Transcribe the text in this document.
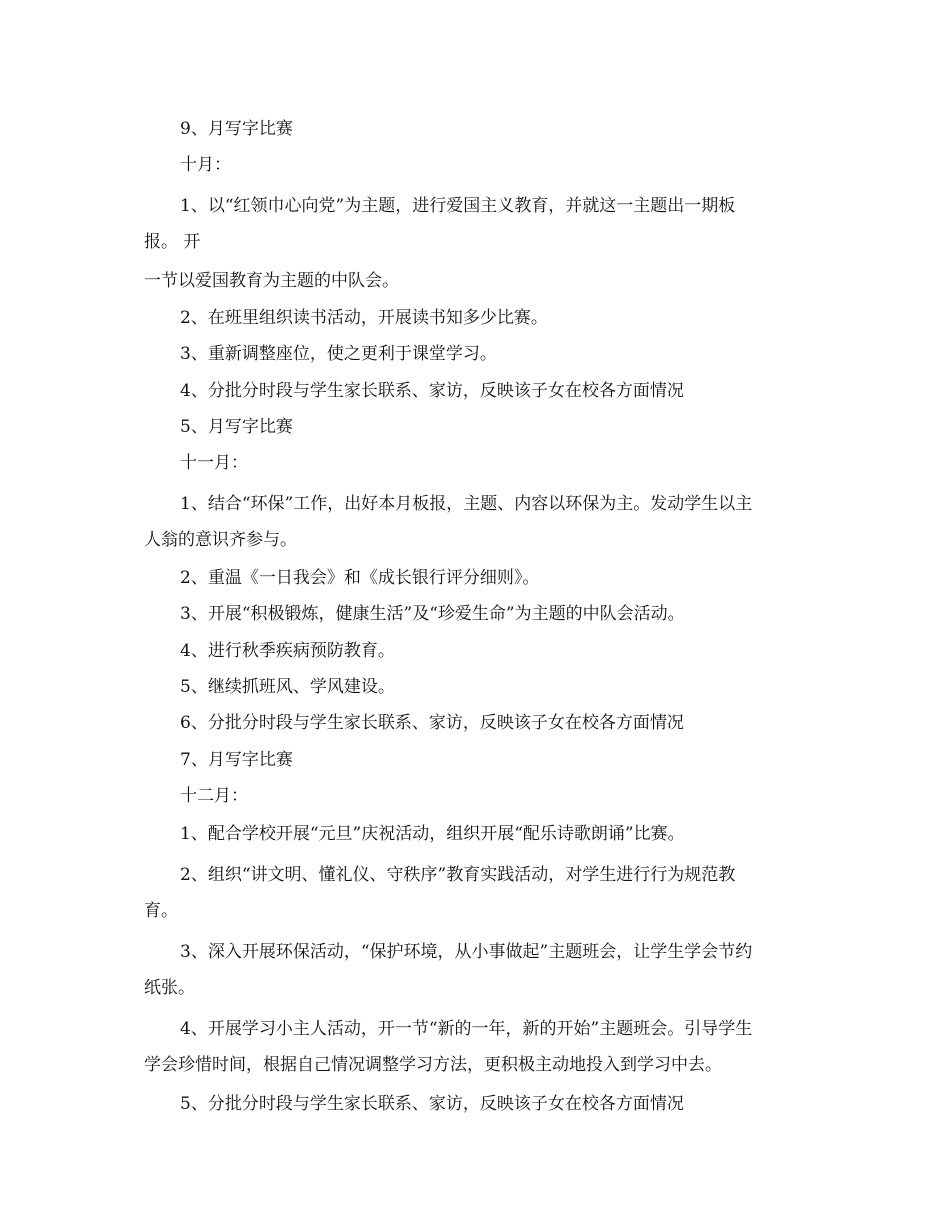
9、月写字比赛
十月：
1、以“红领巾心向党”为主题，进行爱国主义教育，并就这一主题出一期板
报。 开
一节以爱国教育为主题的中队会。
2、在班里组织读书活动，开展读书知多少比赛。
3、重新调整座位，使之更利于课堂学习。
4、分批分时段与学生家长联系、家访，反映该子女在校各方面情况
5、月写字比赛
十一月：
1、结合“环保”工作，出好本月板报，主题、内容以环保为主。发动学生以主
人翁的意识齐参与。
2、重温《一日我会》和《成长银行评分细则》。
3、开展“积极锻炼，健康生活”及“珍爱生命”为主题的中队会活动。
4、进行秋季疾病预防教育。
5、继续抓班风、学风建设。
6、分批分时段与学生家长联系、家访，反映该子女在校各方面情况
7、月写字比赛
十二月：
1、配合学校开展“元旦”庆祝活动，组织开展“配乐诗歌朗诵”比赛。
2、组织“讲文明、懂礼仪、守秩序”教育实践活动，对学生进行行为规范教
育。
3、深入开展环保活动，“保护环境，从小事做起”主题班会，让学生学会节约
纸张。
4、开展学习小主人活动，开一节“新的一年，新的开始”主题班会。引导学生
学会珍惜时间，根据自己情况调整学习方法，更积极主动地投入到学习中去。
5、分批分时段与学生家长联系、家访，反映该子女在校各方面情况
